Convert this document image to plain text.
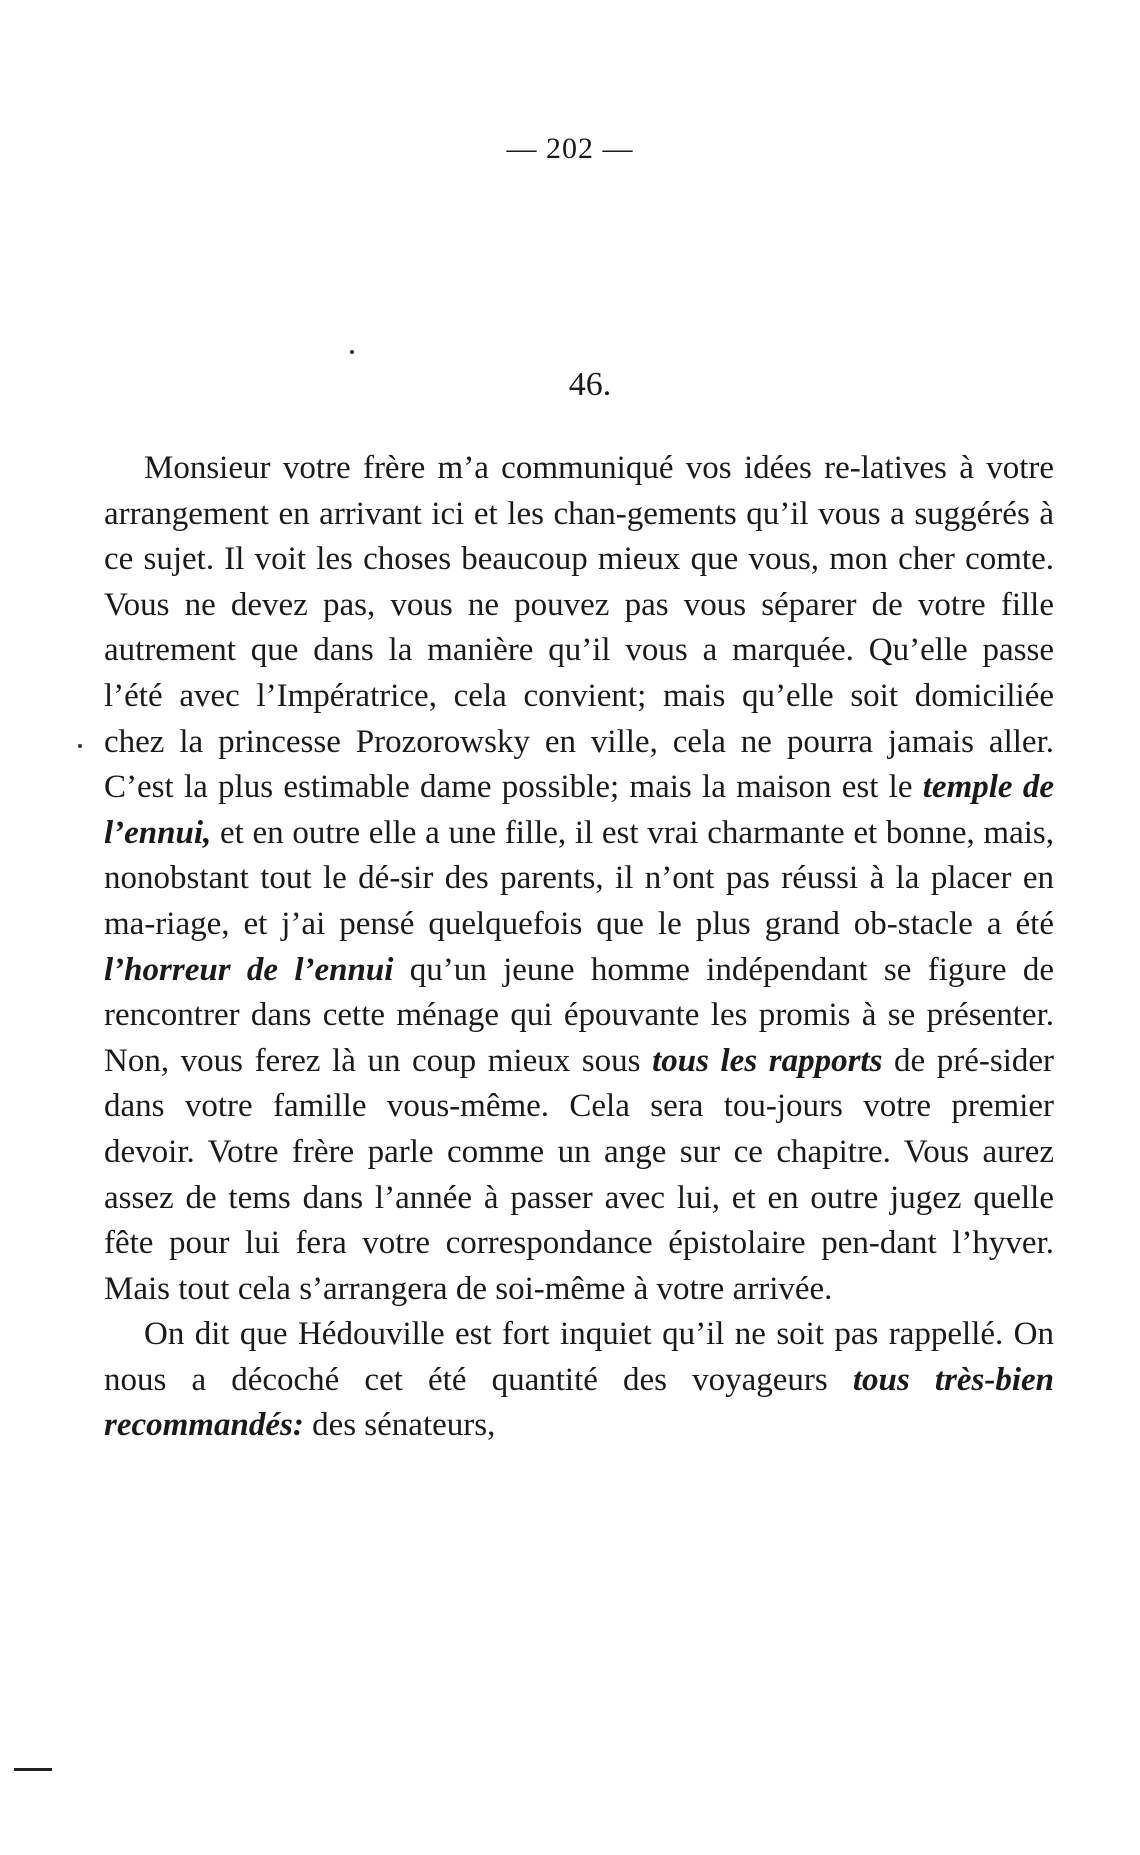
— 202 —
46.

Monsieur votre frère m’a communiqué vos idées re-latives à votre arrangement en arrivant ici et les chan-gements qu’il vous a suggérés à ce sujet. Il voit les choses beaucoup mieux que vous, mon cher comte. Vous ne devez pas, vous ne pouvez pas vous séparer de votre fille autrement que dans la manière qu’il vous a marquée. Qu’elle passe l’été avec l’Impératrice, cela convient; mais qu’elle soit domiciliée chez la princesse Prozorowsky en ville, cela ne pourra jamais aller. C’est la plus estimable dame possible; mais la maison est le temple de l’ennui, et en outre elle a une fille, il est vrai charmante et bonne, mais, nonobstant tout le dé-sir des parents, il n’ont pas réussi à la placer en ma-riage, et j’ai pensé quelquefois que le plus grand ob-stacle a été l’horreur de l’ennui qu’un jeune homme indépendant se figure de rencontrer dans cette ménage qui épouvante les promis à se présenter. Non, vous ferez là un coup mieux sous tous les rapports de pré-sider dans votre famille vous-même. Cela sera tou-jours votre premier devoir. Votre frère parle comme un ange sur ce chapitre. Vous aurez assez de tems dans l’année à passer avec lui, et en outre jugez quelle fête pour lui fera votre correspondance épistolaire pen-dant l’hyver. Mais tout cela s’arrangera de soi-même à votre arrivée.

On dit que Hédouville est fort inquiet qu’il ne soit pas rappellé. On nous a décoché cet été quantité des voyageurs tous très-bien recommandés: des sénateurs,
